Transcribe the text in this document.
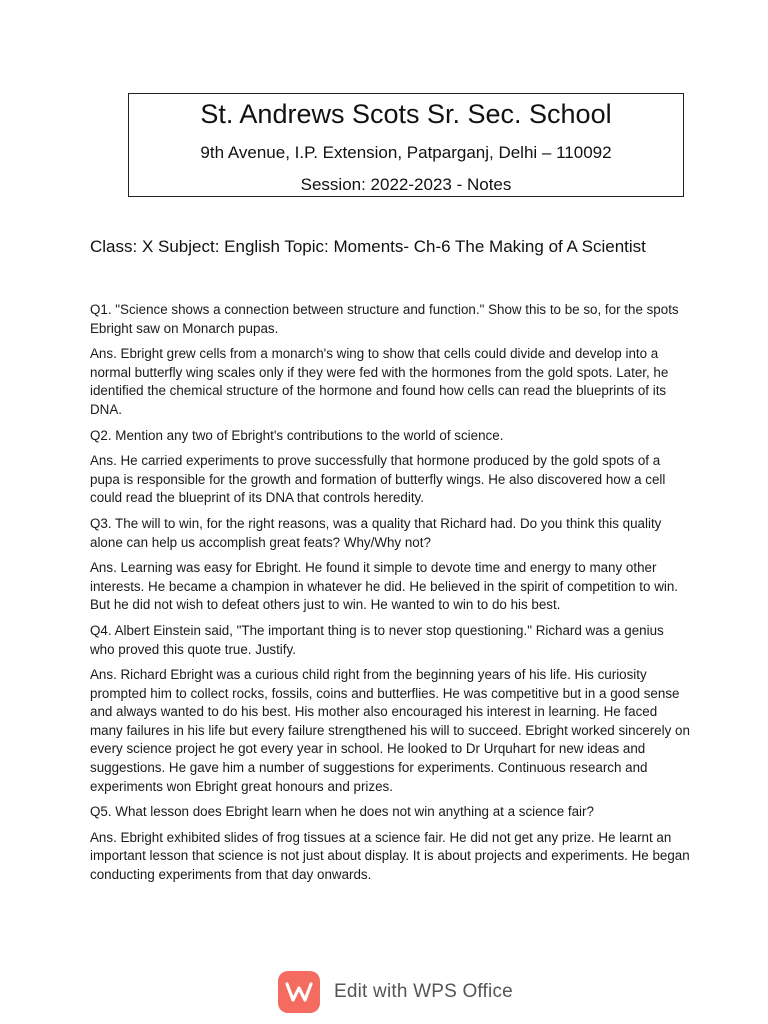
St. Andrews Scots Sr. Sec. School
9th Avenue, I.P. Extension, Patparganj, Delhi – 110092
Session: 2022-2023 - Notes
Class: X Subject: English Topic: Moments- Ch-6 The Making of A Scientist

Q1. "Science shows a connection between structure and function." Show this to be so, for the spots Ebright saw on Monarch pupas.

Ans. Ebright grew cells from a monarch's wing to show that cells could divide and develop into a normal butterfly wing scales only if they were fed with the hormones from the gold spots. Later, he identified the chemical structure of the hormone and found how cells can read the blueprints of its DNA.

Q2. Mention any two of Ebright's contributions to the world of science.

Ans. He carried experiments to prove successfully that hormone produced by the gold spots of a pupa is responsible for the growth and formation of butterfly wings. He also discovered how a cell could read the blueprint of its DNA that controls heredity.

Q3. The will to win, for the right reasons, was a quality that Richard had. Do you think this quality alone can help us accomplish great feats? Why/Why not?

Ans. Learning was easy for Ebright. He found it simple to devote time and energy to many other interests. He became a champion in whatever he did. He believed in the spirit of competition to win. But he did not wish to defeat others just to win. He wanted to win to do his best.

Q4. Albert Einstein said, "The important thing is to never stop questioning." Richard was a genius who proved this quote true. Justify.

Ans. Richard Ebright was a curious child right from the beginning years of his life. His curiosity prompted him to collect rocks, fossils, coins and butterflies. He was competitive but in a good sense and always wanted to do his best. His mother also encouraged his interest in learning. He faced many failures in his life but every failure strengthened his will to succeed. Ebright worked sincerely on every science project he got every year in school. He looked to Dr Urquhart for new ideas and suggestions. He gave him a number of suggestions for experiments. Continuous research and experiments won Ebright great honours and prizes.

Q5. What lesson does Ebright learn when he does not win anything at a science fair?

Ans. Ebright exhibited slides of frog tissues at a science fair. He did not get any prize. He learnt an important lesson that science is not just about display. It is about projects and experiments. He began conducting experiments from that day onwards.

Edit with WPS Office
